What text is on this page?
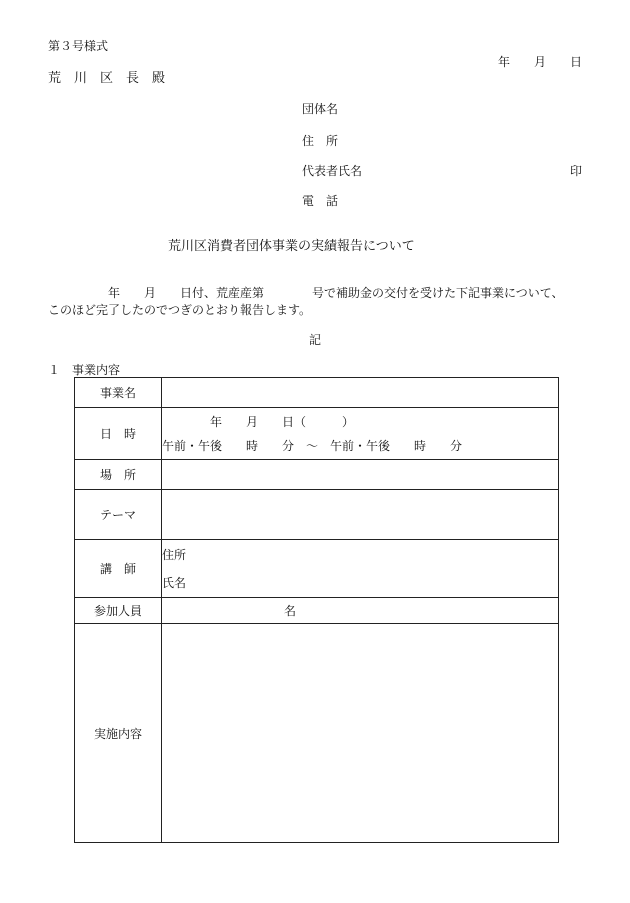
第３号様式
年　　月　　日
荒　川　区　長　殿
団体名
住　所
代表者氏名	印
電　話
荒川区消費者団体事業の実績報告について
年　　月　　日付、荒産産第　　　　号で補助金の交付を受けた下記事業について、
このほど完了したのでつぎのとおり報告します。
記
１　事業内容
事業名	
日　時	年　　月　　日（　　　）
午前・午後　　時　　分　～　午前・午後　　時　　分

場　所	
テーマ	
講　師	住所
氏名

参加人員	名
実施内容	
